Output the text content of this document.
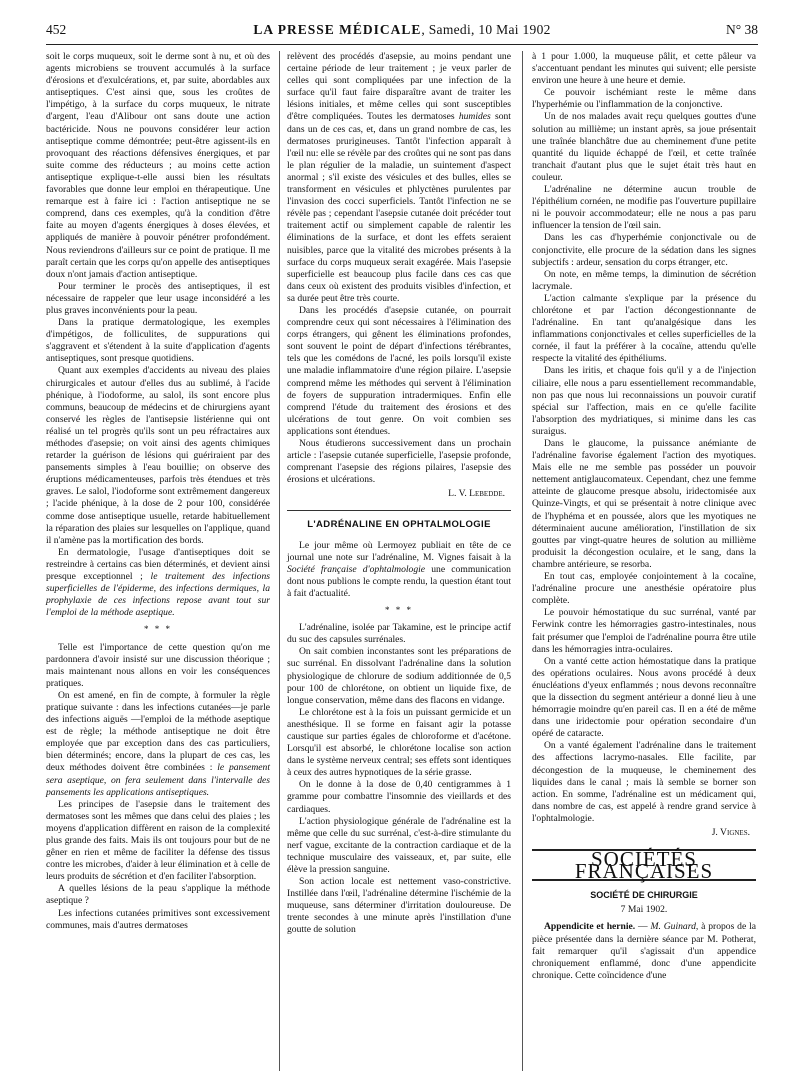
452	LA PRESSE MÉDICALE, Samedi, 10 Mai 1902	N° 38

soit le corps muqueux, soit le derme sont à nu, et où des agents microbiens se trouvent accumulés à la surface d'érosions et d'exulcérations, et, par suite, abordables aux antiseptiques. C'est ainsi que, sous les croûtes de l'impétigo, à la surface du corps muqueux, le nitrate d'argent, l'eau d'Alibour ont sans doute une action bactéricide. Nous ne pouvons considérer leur action antiseptique comme démontrée; peut-être agissent-ils en provoquant des réactions défensives énergiques, et par suite comme des réducteurs ; au moins cette action antiseptique explique-t-elle aussi bien les résultats favorables que donne leur emploi en thérapeutique. Une remarque est à faire ici : l'action antiseptique ne se comprend, dans ces exemples, qu'à la condition d'être faite au moyen d'agents énergiques à doses élevées, et appliqués de manière à pouvoir pénétrer profondément. Nous reviendrons d'ailleurs sur ce point de pratique. Il me paraît certain que les corps qu'on appelle des antiseptiques doux n'ont jamais d'action antiseptique.

Pour terminer le procès des antiseptiques, il est nécessaire de rappeler que leur usage inconsidéré a les plus graves inconvénients pour la peau.

Dans la pratique dermatologique, les exemples d'impétigos, de folliculites, de suppurations qui s'aggravent et s'étendent à la suite d'application d'agents antiseptiques, sont presque quotidiens.

Quant aux exemples d'accidents au niveau des plaies chirurgicales et autour d'elles dus au sublimé, à l'acide phénique, à l'iodoforme, au salol, ils sont encore plus communs, beaucoup de médecins et de chirurgiens ayant conservé les règles de l'antisepsie listérienne qui ont réalisé un tel progrès qu'ils sont un peu réfractaires aux méthodes d'asepsie; on voit ainsi des agents chimiques retarder la guérison de lésions qui guériraient par des pansements simples à l'eau bouillie; on observe des éruptions médicamenteuses, parfois très étendues et très graves. Le salol, l'iodoforme sont extrêmement dangereux ; l'acide phénique, à la dose de 2 pour 100, considérée comme dose antiseptique usuelle, retarde habituellement la réparation des plaies sur lesquelles on l'applique, quand il n'amène pas la mortification des bords.

En dermatologie, l'usage d'antiseptiques doit se restreindre à certains cas bien déterminés, et devient ainsi presque exceptionnel ; le traitement des infections superficielles de l'épiderme, des infections dermiques, la prophylaxie de ces infections repose avant tout sur l'emploi de la méthode aseptique.

* * *

Telle est l'importance de cette question qu'on me pardonnera d'avoir insisté sur une discussion théorique ; mais maintenant nous allons en voir les conséquences pratiques.

On est amené, en fin de compte, à formuler la règle pratique suivante : dans les infections cutanées—je parle des infections aiguës —l'emploi de la méthode aseptique est de règle; la méthode antiseptique ne doit être employée que par exception dans des cas particuliers, bien déterminés; encore, dans la plupart de ces cas, les deux méthodes doivent être combinées : le pansement sera aseptique, on fera seulement dans l'intervalle des pansements les applications antiseptiques.

Les principes de l'asepsie dans le traitement des dermatoses sont les mêmes que dans celui des plaies ; les moyens d'application diffèrent en raison de la complexité plus grande des faits. Mais ils ont toujours pour but de ne gêner en rien et même de faciliter la défense des tissus contre les microbes, d'aider à leur élimination et à celle de leurs produits de sécrétion et d'en faciliter l'absorption.

A quelles lésions de la peau s'applique la méthode aseptique ?

Les infections cutanées primitives sont excessivement communes, mais d'autres dermatoses

relèvent des procédés d'asepsie, au moins pendant une certaine période de leur traitement ; je veux parler de celles qui sont compliquées par une infection de la surface qu'il faut faire disparaître avant de traiter les lésions initiales, et même celles qui sont susceptibles d'être compliquées. Toutes les dermatoses humides sont dans un de ces cas, et, dans un grand nombre de cas, les dermatoses prurigineuses. Tantôt l'infection apparaît à l'œil nu: elle se révèle par des croûtes qui ne sont pas dans le plan régulier de la maladie, un suintement d'aspect anormal ; s'il existe des vésicules et des bulles, elles se transforment en vésicules et phlyctènes purulentes par l'invasion des cocci superficiels. Tantôt l'infection ne se révèle pas ; cependant l'asepsie cutanée doit précéder tout traitement actif ou simplement capable de ralentir les éliminations de la surface, et dont les effets seraient nuisibles, parce que la vitalité des microbes présents à la surface du corps muqueux serait exagérée. Mais l'asepsie superficielle est beaucoup plus facile dans ces cas que dans ceux où existent des produits visibles d'infection, et sa durée peut être très courte.

Dans les procédés d'asepsie cutanée, on pourrait comprendre ceux qui sont nécessaires à l'élimination des corps étrangers, qui gênent les éliminations profondes, sont souvent le point de départ d'infections térébrantes, tels que les comédons de l'acné, les poils lorsqu'il existe une maladie inflammatoire d'une région pilaire. L'asepsie comprend même les méthodes qui servent à l'élimination de foyers de suppuration intradermiques. Enfin elle comprend l'étude du traitement des érosions et des ulcérations de tout genre. On voit combien ses applications sont étendues.

Nous étudierons successivement dans un prochain article : l'asepsie cutanée superficielle, l'asepsie profonde, comprenant l'asepsie des régions pilaires, l'asepsie des érosions et ulcérations.

L. V. Lebedde.
L'ADRÉNALINE EN OPHTALMOLOGIE

Le jour même où Lermoyez publiait en tête de ce journal une note sur l'adrénaline, M. Vignes faisait à la Société française d'ophtalmologie une communication dont nous publions le compte rendu, la question étant tout à fait d'actualité.

* * *

L'adrénaline, isolée par Takamine, est le principe actif du suc des capsules surrénales.

On sait combien inconstantes sont les préparations de suc surrénal. En dissolvant l'adrénaline dans la solution physiologique de chlorure de sodium additionnée de 0,5 pour 100 de chlorétone, on obtient un liquide fixe, de longue conservation, même dans des flacons en vidange.

Le chlorétone est à la fois un puissant germicide et un anesthésique. Il se forme en faisant agir la potasse caustique sur parties égales de chloroforme et d'acétone. Lorsqu'il est absorbé, le chlorétone localise son action dans le système nerveux central; ses effets sont identiques à ceux des autres hypnotiques de la série grasse.

On le donne à la dose de 0,40 centigrammes à 1 gramme pour combattre l'insomnie des vieillards et des cardiaques.

L'action physiologique générale de l'adrénaline est la même que celle du suc surrénal, c'est-à-dire stimulante du nerf vague, excitante de la contraction cardiaque et de la technique musculaire des vaisseaux, et, par suite, elle élève la pression sanguine.

Son action locale est nettement vaso-constrictive. Instillée dans l'œil, l'adrénaline détermine l'ischémie de la muqueuse, sans déterminer d'irritation douloureuse. De trente secondes à une minute après l'instillation d'une goutte de solution

à 1 pour 1.000, la muqueuse pâlit, et cette pâleur va s'accentuant pendant les minutes qui suivent; elle persiste environ une heure à une heure et demie.

Ce pouvoir ischémiant reste le même dans l'hyperhémie ou l'inflammation de la conjonctive.

Un de nos malades avait reçu quelques gouttes d'une solution au millième; un instant après, sa joue présentait une traînée blanchâtre due au cheminement d'une petite quantité du liquide échappé de l'œil, et cette traînée tranchait d'autant plus que le sujet était très haut en couleur.

L'adrénaline ne détermine aucun trouble de l'épithélium cornéen, ne modifie pas l'ouverture pupillaire ni le pouvoir accommodateur; elle ne nous a pas paru influencer la tension de l'œil sain.

Dans les cas d'hyperhémie conjonctivale ou de conjonctivite, elle procure de la sédation dans les signes subjectifs : ardeur, sensation du corps étranger, etc.

On note, en même temps, la diminution de sécrétion lacrymale.

L'action calmante s'explique par la présence du chlorétone et par l'action décongestionnante de l'adrénaline. En tant qu'analgésique dans les inflammations conjonctivales et celles superficielles de la cornée, il faut la préférer à la cocaïne, attendu qu'elle respecte la vitalité des épithéliums.

Dans les iritis, et chaque fois qu'il y a de l'injection ciliaire, elle nous a paru essentiellement recommandable, non pas que nous lui reconnaissions un pouvoir curatif spécial sur l'affection, mais en ce qu'elle facilite l'absorption des mydriatiques, si minime dans les cas suraigus.

Dans le glaucome, la puissance anémiante de l'adrénaline favorise également l'action des myotiques. Mais elle ne me semble pas posséder un pouvoir nettement antiglaucomateux. Cependant, chez une femme atteinte de glaucome presque absolu, iridectomisée aux Quinze-Vingts, et qui se présentait à notre clinique avec de l'hyphéma et en poussée, alors que les myotiques ne déterminaient aucune amélioration, l'instillation de six gouttes par vingt-quatre heures de solution au millième produisit la décongestion oculaire, et le sang, dans la chambre antérieure, se resorba.

En tout cas, employée conjointement à la cocaïne, l'adrénaline procure une anesthésie opératoire plus complète.

Le pouvoir hémostatique du suc surrénal, vanté par Ferwink contre les hémorragies gastro-intestinales, nous fait présumer que l'emploi de l'adrénaline pourra être utile dans les hémorragies intra-oculaires.

On a vanté cette action hémostatique dans la pratique des opérations oculaires. Nous avons procédé à deux énucléations d'yeux enflammés ; nous devons reconnaître que la dissection du segment antérieur a donné lieu à une hémorragie moindre qu'en pareil cas. Il en a été de même dans une iridectomie pour opération secondaire d'un opéré de cataracte.

On a vanté également l'adrénaline dans le traitement des affections lacrymo-nasales. Elle facilite, par décongestion de la muqueuse, le cheminement des liquides dans le canal ; mais là semble se borner son action. En somme, l'adrénaline est un médicament qui, dans nombre de cas, est appelé à rendre grand service à l'ophtalmologie.

J. Vignes.
SOCIÉTÉS FRANÇAISES
SOCIÉTÉ DE CHIRURGIE
7 Mai 1902.

Appendicite et hernie. — M. Guinard, à propos de la pièce présentée dans la dernière séance par M. Potherat, fait remarquer qu'il s'agissait d'un appendice chroniquement enflammé, donc d'une appendicite chronique. Cette coïncidence d'une
